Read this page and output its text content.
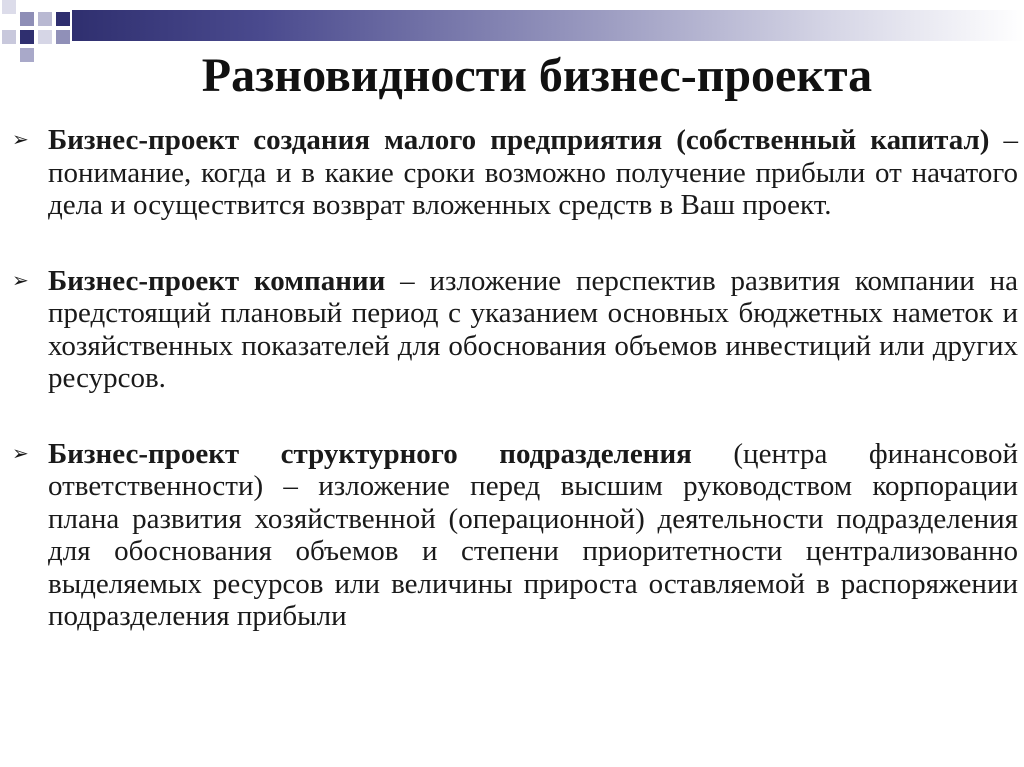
Разновидности бизнес-проекта
➢ Бизнес-проект создания малого предприятия (собственный капитал) – понимание, когда и в какие сроки возможно получение прибыли от начатого дела и осуществится возврат вложенных средств в Ваш проект.
➢ Бизнес-проект компании – изложение перспектив развития компании на предстоящий плановый период с указанием основных бюджетных наметок и хозяйственных показателей для обоснования объемов инвестиций или других ресурсов.
➢ Бизнес-проект структурного подразделения (центра финансовой ответственности) – изложение перед высшим руководством корпорации плана развития хозяйственной (операционной) деятельности подразделения для обоснования объемов и степени приоритетности централизованно выделяемых ресурсов или величины прироста оставляемой в распоряжении подразделения прибыли
